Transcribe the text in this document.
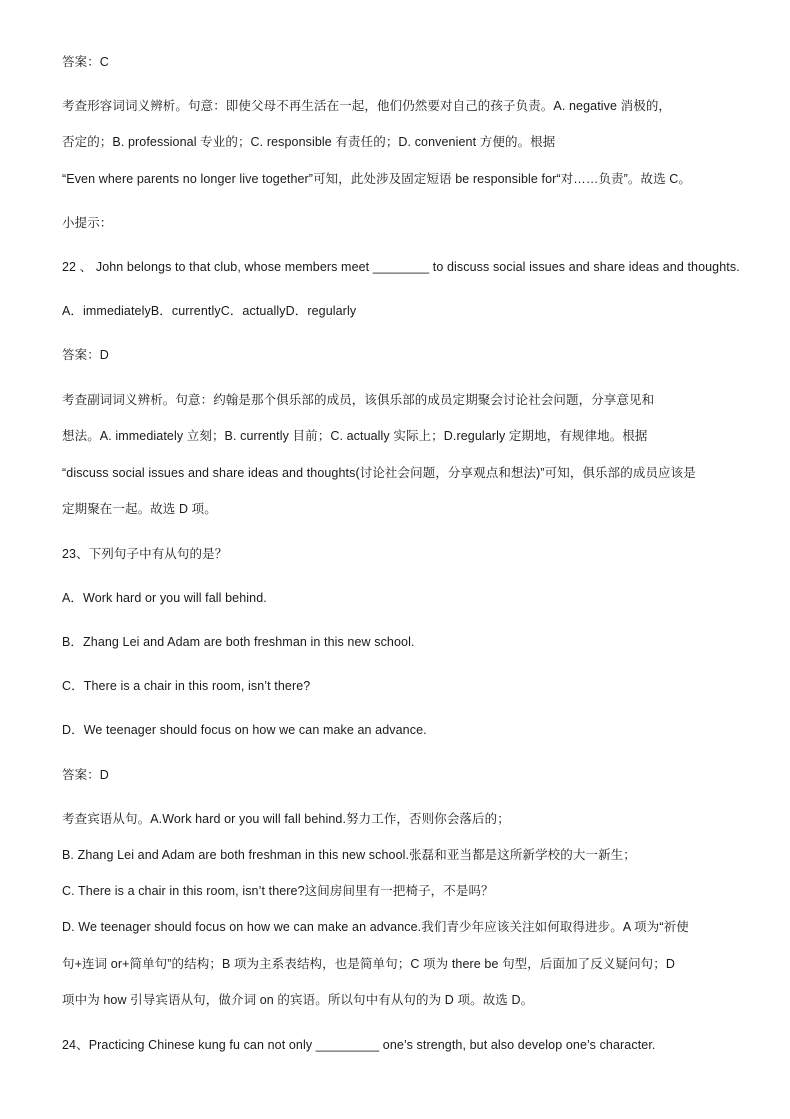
答案：C
考查形容词词义辨析。句意：即使父母不再生活在一起，他们仍然要对自己的孩子负责。A. negative 消极的，
否定的；B. professional 专业的；C. responsible 有责任的；D. convenient 方便的。根据
“Even where parents no longer live together”可知，此处涉及固定短语 be responsible for“对……负责”。故选 C。
小提示：
22 、 John belongs to that club, whose members meet ________ to discuss social issues and share ideas and thoughts.
A．immediatelyB．currentlyC．actuallyD．regularly
答案：D
考查副词词义辨析。句意：约翰是那个俱乐部的成员，该俱乐部的成员定期聚会讨论社会问题，分享意见和
想法。A. immediately 立刻；B. currently 目前；C. actually 实际上；D.regularly 定期地，有规律地。根据
“discuss social issues and share ideas and thoughts(讨论社会问题，分享观点和想法)”可知，俱乐部的成员应该是
定期聚在一起。故选 D 项。
23、下列句子中有从句的是？
A．Work hard or you will fall behind.
B．Zhang Lei and Adam are both freshman in this new school.
C．There is a chair in this room, isn’t there?
D．We teenager should focus on how we can make an advance.
答案：D
考查宾语从句。A.Work hard or you will fall behind.努力工作，否则你会落后的；
B. Zhang Lei and Adam are both freshman in this new school.张磊和亚当都是这所新学校的大一新生；
C. There is a chair in this room, isn’t there?这间房间里有一把椅子，不是吗？
D. We teenager should focus on how we can make an advance.我们青少年应该关注如何取得进步。A 项为“祈使
句+连词 or+简单句”的结构；B 项为主系表结构，也是简单句；C 项为 there be 句型，后面加了反义疑问句；D
项中为 how 引导宾语从句，做介词 on 的宾语。所以句中有从句的为 D 项。故选 D。
24、Practicing Chinese kung fu can not only _________ one’s strength, but also develop one’s character.
